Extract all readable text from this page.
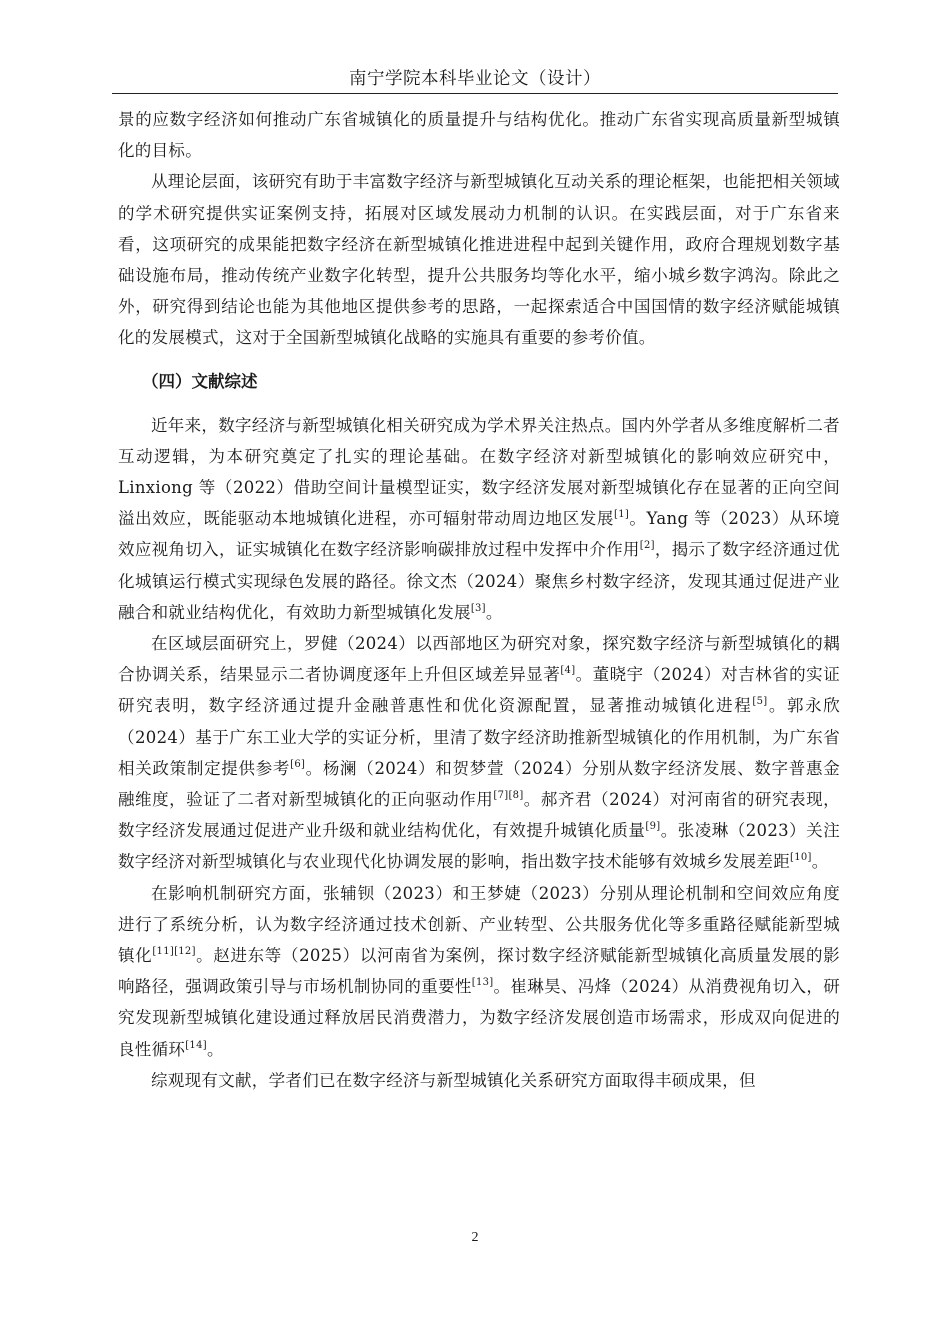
南宁学院本科毕业论文（设计）

景的应数字经济如何推动广东省城镇化的质量提升与结构优化。推动广东省实现高质量新型城镇化的目标。

从理论层面，该研究有助于丰富数字经济与新型城镇化互动关系的理论框架，也能把相关领域的学术研究提供实证案例支持，拓展对区域发展动力机制的认识。在实践层面，对于广东省来看，这项研究的成果能把数字经济在新型城镇化推进进程中起到关键作用，政府合理规划数字基础设施布局，推动传统产业数字化转型，提升公共服务均等化水平，缩小城乡数字鸿沟。除此之外，研究得到结论也能为其他地区提供参考的思路，一起探索适合中国国情的数字经济赋能城镇化的发展模式，这对于全国新型城镇化战略的实施具有重要的参考价值。

（四）文献综述

近年来，数字经济与新型城镇化相关研究成为学术界关注热点。国内外学者从多维度解析二者互动逻辑，为本研究奠定了扎实的理论基础。在数字经济对新型城镇化的影响效应研究中，Linxiong 等（2022）借助空间计量模型证实，数字经济发展对新型城镇化存在显著的正向空间溢出效应，既能驱动本地城镇化进程，亦可辐射带动周边地区发展[1]。Yang 等（2023）从环境效应视角切入，证实城镇化在数字经济影响碳排放过程中发挥中介作用[2]，揭示了数字经济通过优化城镇运行模式实现绿色发展的路径。徐文杰（2024）聚焦乡村数字经济，发现其通过促进产业融合和就业结构优化，有效助力新型城镇化发展[3]。

在区域层面研究上，罗健（2024）以西部地区为研究对象，探究数字经济与新型城镇化的耦合协调关系，结果显示二者协调度逐年上升但区域差异显著[4]。董晓宇（2024）对吉林省的实证研究表明，数字经济通过提升金融普惠性和优化资源配置，显著推动城镇化进程[5]。郭永欣（2024）基于广东工业大学的实证分析，里清了数字经济助推新型城镇化的作用机制，为广东省相关政策制定提供参考[6]。杨澜（2024）和贺梦萱（2024）分别从数字经济发展、数字普惠金融维度，验证了二者对新型城镇化的正向驱动作用[7][8]。郝齐君（2024）对河南省的研究表现，数字经济发展通过促进产业升级和就业结构优化，有效提升城镇化质量[9]。张凌琳（2023）关注数字经济对新型城镇化与农业现代化协调发展的影响，指出数字技术能够有效城乡发展差距[10]。

在影响机制研究方面，张辅钡（2023）和王梦婕（2023）分别从理论机制和空间效应角度进行了系统分析，认为数字经济通过技术创新、产业转型、公共服务优化等多重路径赋能新型城镇化[11][12]。赵进东等（2025）以河南省为案例，探讨数字经济赋能新型城镇化高质量发展的影响路径，强调政策引导与市场机制协同的重要性[13]。崔琳昊、冯烽（2024）从消费视角切入，研究发现新型城镇化建设通过释放居民消费潜力，为数字经济发展创造市场需求，形成双向促进的良性循环[14]。

综观现有文献，学者们已在数字经济与新型城镇化关系研究方面取得丰硕成果，但

2
